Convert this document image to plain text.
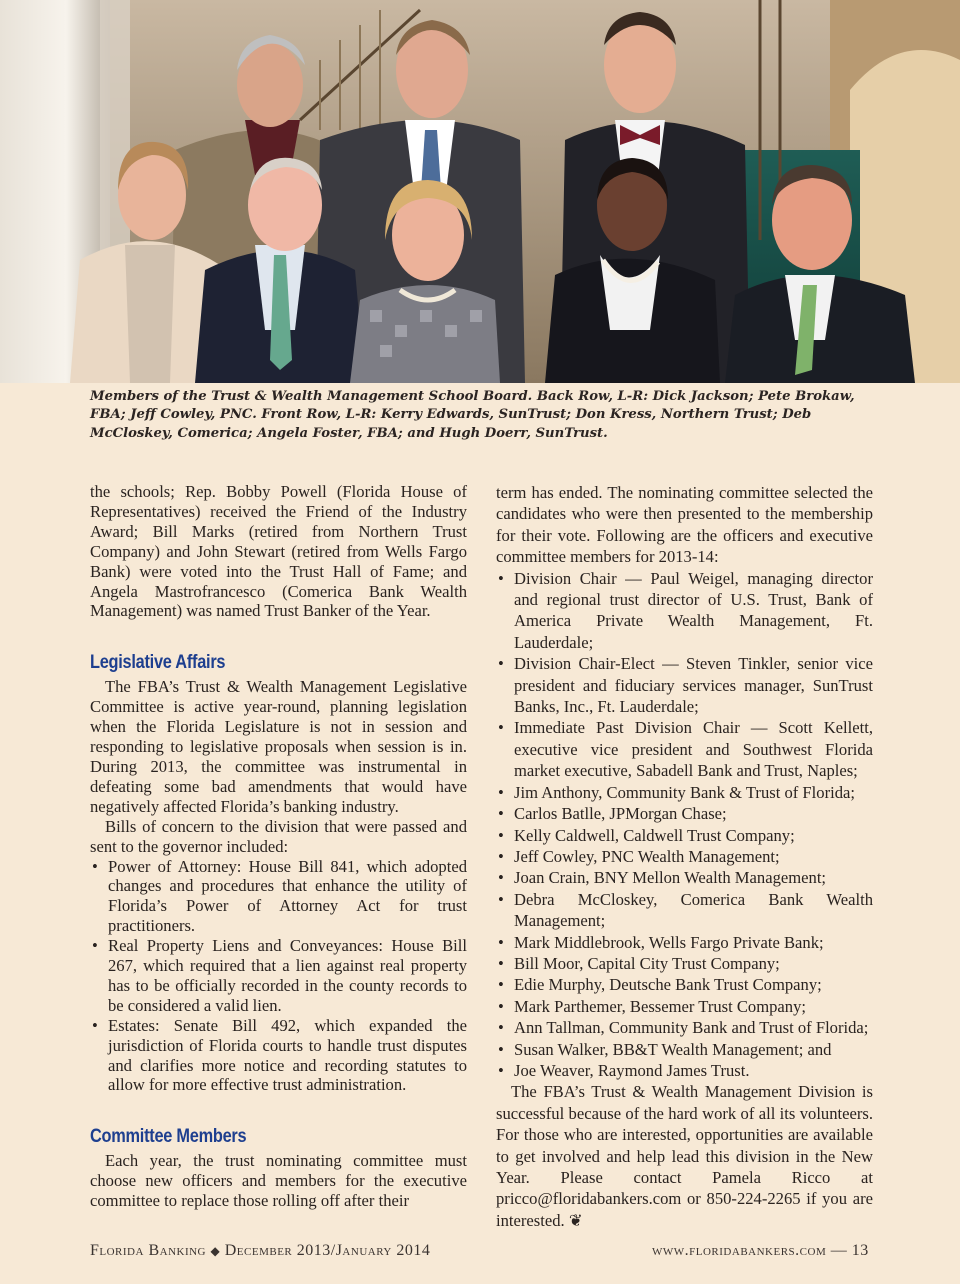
Members of the Trust & Wealth Management School Board. Back Row, L-R: Dick Jackson; Pete Brokaw, FBA; Jeff Cowley, PNC. Front Row, L-R: Kerry Edwards, SunTrust; Don Kress, Northern Trust; Deb McCloskey, Comerica; Angela Foster, FBA; and Hugh Doerr, SunTrust.

the schools; Rep. Bobby Powell (Florida House of Representatives) received the Friend of the Industry Award; Bill Marks (retired from Northern Trust Company) and John Stewart (retired from Wells Fargo Bank) were voted into the Trust Hall of Fame; and Angela Mastrofrancesco (Comerica Bank Wealth Management) was named Trust Banker of the Year.

Legislative Affairs

The FBA’s Trust & Wealth Management Legislative Committee is active year-round, planning legislation when the Florida Legislature is not in session and responding to legislative proposals when session is in. During 2013, the committee was instrumental in defeating some bad amendments that would have negatively affected Florida’s banking industry.

Bills of concern to the division that were passed and sent to the governor included:

• Power of Attorney: House Bill 841, which adopted changes and procedures that enhance the utility of Florida’s Power of Attorney Act for trust practitioners.
• Real Property Liens and Conveyances: House Bill 267, which required that a lien against real property has to be officially recorded in the county records to be considered a valid lien.
• Estates: Senate Bill 492, which expanded the jurisdiction of Florida courts to handle trust disputes and clarifies more notice and recording statutes to allow for more effective trust administration.
Committee Members

Each year, the trust nominating committee must choose new officers and members for the executive committee to replace those rolling off after their

term has ended. The nominating committee selected the candidates who were then presented to the membership for their vote. Following are the officers and executive committee members for 2013-14:

• Division Chair — Paul Weigel, managing director and regional trust director of U.S. Trust, Bank of America Private Wealth Management, Ft. Lauderdale;
• Division Chair-Elect — Steven Tinkler, senior vice president and fiduciary services manager, SunTrust Banks, Inc., Ft. Lauderdale;
• Immediate Past Division Chair — Scott Kellett, executive vice president and Southwest Florida market executive, Sabadell Bank and Trust, Naples;
• Jim Anthony, Community Bank & Trust of Florida;
• Carlos Batlle, JPMorgan Chase;
• Kelly Caldwell, Caldwell Trust Company;
• Jeff Cowley, PNC Wealth Management;
• Joan Crain, BNY Mellon Wealth Management;
• Debra McCloskey, Comerica Bank Wealth Management;
• Mark Middlebrook, Wells Fargo Private Bank;
• Bill Moor, Capital City Trust Company;
• Edie Murphy, Deutsche Bank Trust Company;
• Mark Parthemer, Bessemer Trust Company;
• Ann Tallman, Community Bank and Trust of Florida;
• Susan Walker, BB&T Wealth Management; and
• Joe Weaver, Raymond James Trust.

The FBA’s Trust & Wealth Management Division is successful because of the hard work of all its volunteers. For those who are interested, opportunities are available to get involved and help lead this division in the New Year. Please contact Pamela Ricco at pricco@floridabankers.com or 850-224-2265 if you are interested. ❦

Florida Banking ◆ December 2013/January 2014	www.floridabankers.com — 13
